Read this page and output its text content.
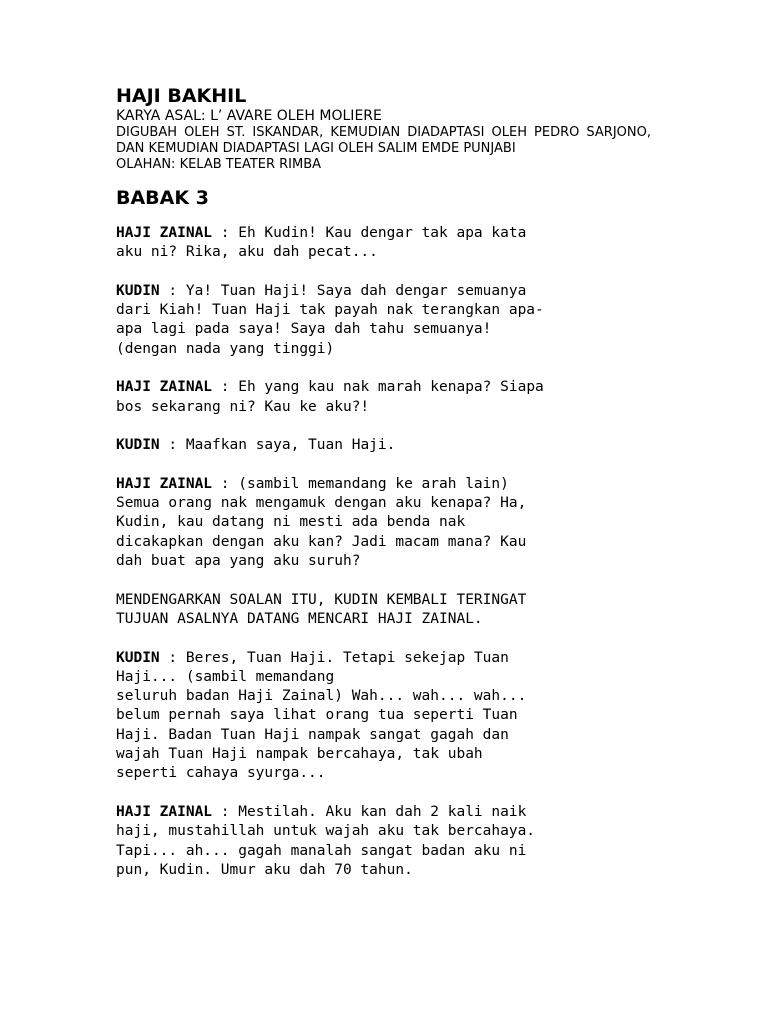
HAJI BAKHIL

KARYA ASAL: L’ AVARE OLEH MOLIERE

DIGUBAH OLEH ST. ISKANDAR, KEMUDIAN DIADAPTASI OLEH PEDRO SARJONO, DAN KEMUDIAN DIADAPTASI LAGI OLEH SALIM EMDE PUNJABI

OLAHAN: KELAB TEATER RIMBA

BABAK 3

HAJI ZAINAL : Eh Kudin! Kau dengar tak apa kata
aku ni? Rika, aku dah pecat...

KUDIN : Ya! Tuan Haji! Saya dah dengar semuanya
dari Kiah! Tuan Haji tak payah nak terangkan apa-
apa lagi pada saya! Saya dah tahu semuanya!
(dengan nada yang tinggi)

HAJI ZAINAL : Eh yang kau nak marah kenapa? Siapa
bos sekarang ni? Kau ke aku?!

KUDIN : Maafkan saya, Tuan Haji.

HAJI ZAINAL : (sambil memandang ke arah lain)
Semua orang nak mengamuk dengan aku kenapa? Ha,
Kudin, kau datang ni mesti ada benda nak
dicakapkan dengan aku kan? Jadi macam mana? Kau
dah buat apa yang aku suruh?

MENDENGARKAN SOALAN ITU, KUDIN KEMBALI TERINGAT
TUJUAN ASALNYA DATANG MENCARI HAJI ZAINAL.

KUDIN : Beres, Tuan Haji. Tetapi sekejap Tuan
Haji... (sambil memandang
seluruh badan Haji Zainal) Wah... wah... wah...
belum pernah saya lihat orang tua seperti Tuan
Haji. Badan Tuan Haji nampak sangat gagah dan
wajah Tuan Haji nampak bercahaya, tak ubah
seperti cahaya syurga...

HAJI ZAINAL : Mestilah. Aku kan dah 2 kali naik
haji, mustahillah untuk wajah aku tak bercahaya.
Tapi... ah... gagah manalah sangat badan aku ni
pun, Kudin. Umur aku dah 70 tahun.
